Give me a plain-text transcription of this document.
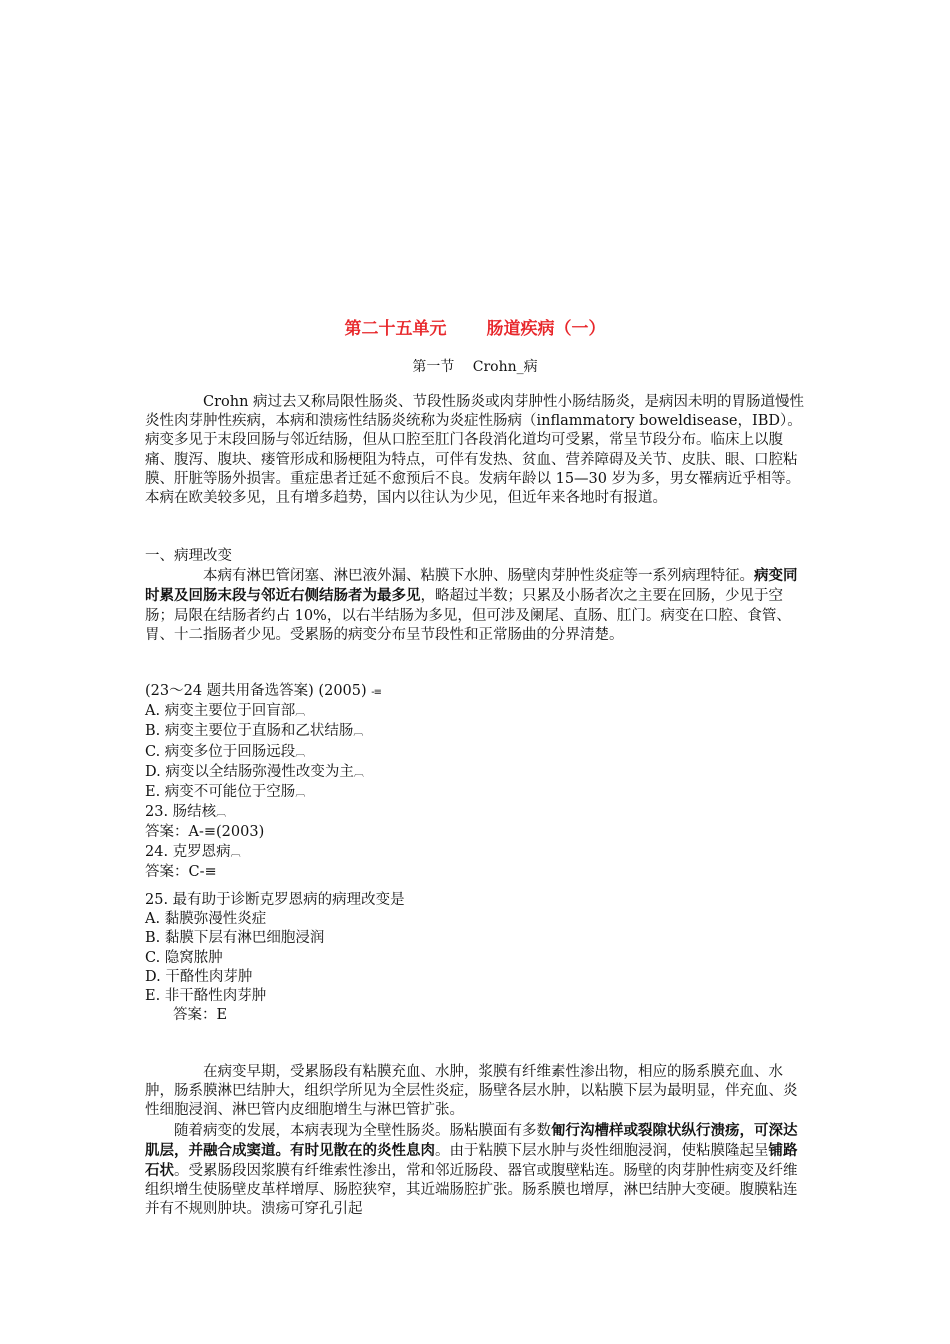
第二十五单元　　 肠道疾病（一）
第一节　 Crohn_病

Crohn 病过去又称局限性肠炎、节段性肠炎或肉芽肿性小肠结肠炎，是病因未明的胃肠道慢性炎性肉芽肿性疾病，本病和溃疡性结肠炎统称为炎症性肠病（inflammatory boweldisease，IBD）。病变多见于末段回肠与邻近结肠，但从口腔至肛门各段消化道均可受累，常呈节段分布。临床上以腹痛、腹泻、腹块、瘘管形成和肠梗阻为特点，可伴有发热、贫血、营养障碍及关节、皮肤、眼、口腔粘膜、肝脏等肠外损害。重症患者迁延不愈预后不良。发病年龄以 15—30 岁为多，男女罹病近乎相等。本病在欧美较多见，且有增多趋势，国内以往认为少见，但近年来各地时有报道。

一、病理改变

本病有淋巴管闭塞、淋巴液外漏、粘膜下水肿、肠壁肉芽肿性炎症等一系列病理特征。病变同时累及回肠末段与邻近右侧结肠者为最多见，略超过半数；只累及小肠者次之主要在回肠，少见于空肠；局限在结肠者约占 10%，以右半结肠为多见，但可涉及阑尾、直肠、肛门。病变在口腔、食管、胃、十二指肠者少见。受累肠的病变分布呈节段性和正常肠曲的分界清楚。

(23～24 题共用备选答案) (2005) -≡

A. 病变主要位于回盲部︹

B. 病变主要位于直肠和乙状结肠︹

C. 病变多位于回肠远段︹

D. 病变以全结肠弥漫性改变为主︹

E. 病变不可能位于空肠︹

23. 肠结核︹

答案：A-≡(2003)

24. 克罗恩病︹

答案：C-≡

25. 最有助于诊断克罗恩病的病理改变是

A. 黏膜弥漫性炎症

B. 黏膜下层有淋巴细胞浸润

C. 隐窝脓肿

D. 干酪性肉芽肿

E. 非干酪性肉芽肿

答案：E

在病变早期，受累肠段有粘膜充血、水肿，浆膜有纤维素性渗出物，相应的肠系膜充血、水肿，肠系膜淋巴结肿大，组织学所见为全层性炎症，肠壁各层水肿，以粘膜下层为最明显，伴充血、炎性细胞浸润、淋巴管内皮细胞增生与淋巴管扩张。

随着病变的发展，本病表现为全壁性肠炎。肠粘膜面有多数匍行沟槽样或裂隙状纵行溃疡，可深达肌层，并融合成窦道。有时见散在的炎性息肉。由于粘膜下层水肿与炎性细胞浸润，使粘膜隆起呈铺路石状。受累肠段因浆膜有纤维索性渗出，常和邻近肠段、器官或腹壁粘连。肠壁的肉芽肿性病变及纤维组织增生使肠壁皮革样增厚、肠腔狭窄，其近端肠腔扩张。肠系膜也增厚，淋巴结肿大变硬。腹膜粘连并有不规则肿块。溃疡可穿孔引起
